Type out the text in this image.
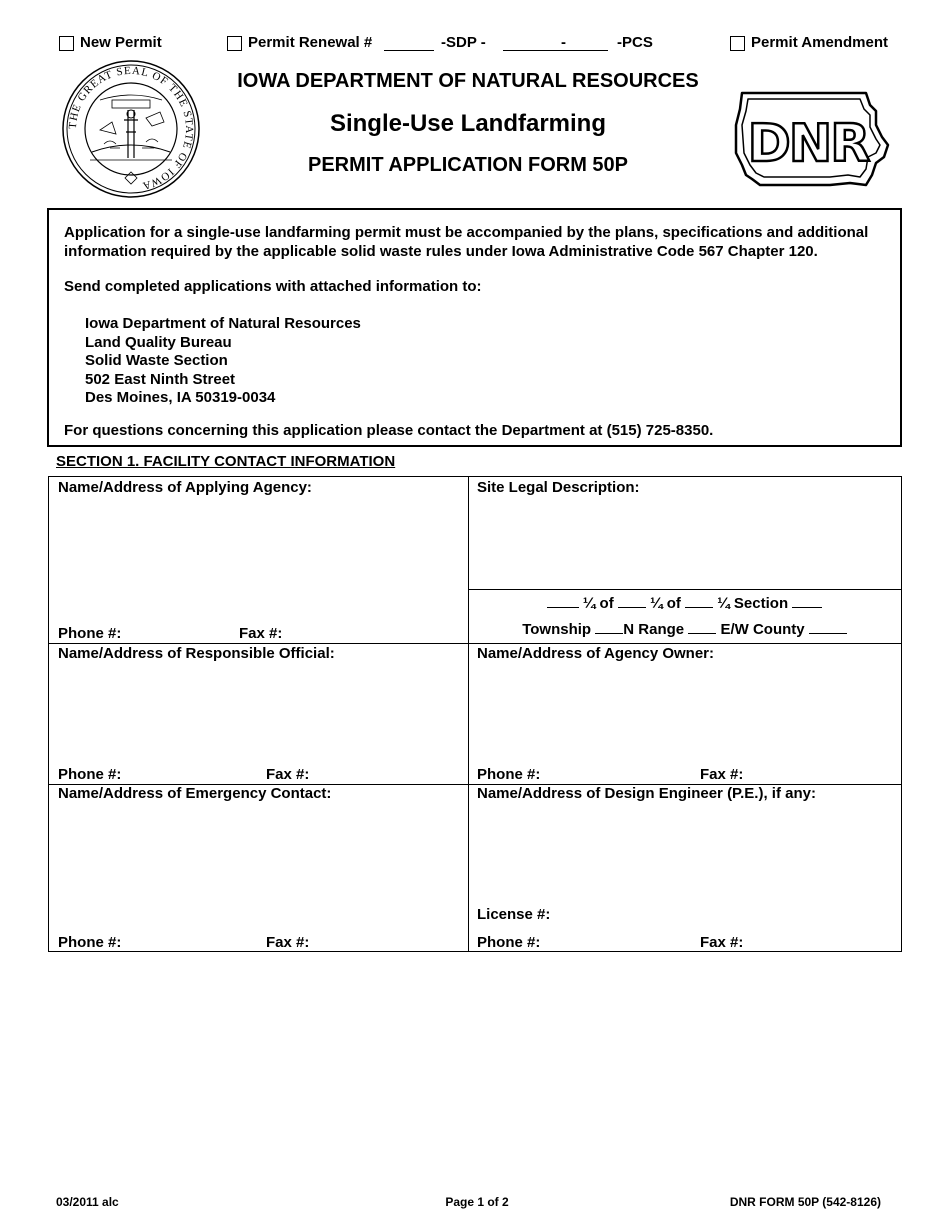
New Permit	Permit Renewal #	-SDP -	-	-PCS	Permit Amendment
THE GREAT SEAL OF THE STATE OF IOWA
IOWA DEPARTMENT OF NATURAL RESOURCES
Single-Use Landfarming
PERMIT APPLICATION FORM 50P	DNR
Application for a single-use landfarming permit must be accompanied by the plans, specifications and additional information required by the applicable solid waste rules under Iowa Administrative Code 567 Chapter 120.
Send completed applications with attached information to:
Iowa Department of Natural Resources
Land Quality Bureau
Solid Waste Section
502 East Ninth Street
Des Moines, IA 50319-0034
For questions concerning this application please contact the Department at (515) 725-8350.
SECTION 1. FACILITY CONTACT INFORMATION
Name/Address of Applying Agency:
Phone #:	Fax #:
Site Legal Description:
¼ of ¼ of ¼ Section
Township N Range E/W County
Name/Address of Responsible Official:
Phone #:	Fax #:
Name/Address of Agency Owner:
Phone #:	Fax #:
Name/Address of Emergency Contact:
Phone #:	Fax #:
Name/Address of Design Engineer (P.E.), if any:
License #:
Phone #:	Fax #:
03/2011 alc	Page 1 of 2	DNR FORM 50P (542-8126)
